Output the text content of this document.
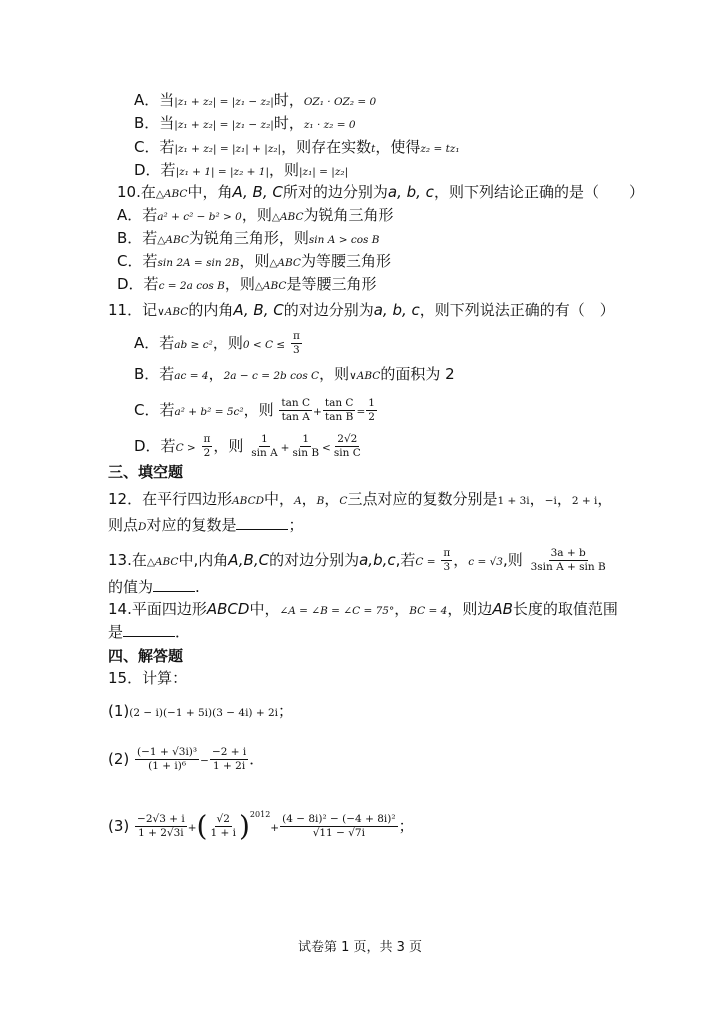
A．当|z₁ + z₂| = |z₁ − z₂|时，OZ₁ · OZ₂ = 0
B．当|z₁ + z₂| = |z₁ − z₂|时，z₁ · z₂ = 0
C．若|z₁ + z₂| = |z₁| + |z₂|，则存在实数t，使得z₂ = tz₁
D．若|z₁ + 1| = |z₂ + 1|，则|z₁| = |z₂|
10.在△ABC中，角A, B, C所对的边分别为a, b, c，则下列结论正确的是（　　）
A．若a² + c² − b² > 0，则△ABC为锐角三角形
B．若△ABC为锐角三角形，则sin A > cos B
C．若sin 2A = sin 2B，则△ABC为等腰三角形
D．若c = 2a cos B，则△ABC是等腰三角形
11．记∨ABC的内角A, B, C的对边分别为a, b, c，则下列说法正确的有（　）
A．若ab ≥ c²，则$0 < C \le \frac{\pi}{3}$
B．若ac = 4，2a − c = 2b cos C，则∨ABC的面积为 2
C．若a² + b² = 5c²，则 $\frac{\text{tan C}}{\text{tan A}} + \frac{\text{tan C}}{\text{tan B}} = \frac{1}{2}$
D．若$C > \frac{\pi}{2}$ ，则 $\frac{1}{\text{sin A}} + \frac{1}{\text{sin B}} < \frac{2√2}{\text{sin C}}$
三、填空题
12．在平行四边形ABCD中，A，B，C三点对应的复数分别是1 + 3i，−i，2 + i，
则点D对应的复数是	；
13.在△ABC中,内角A,B,C的对边分别为a,b,c,若$C = \frac{\pi}{3}$ ，c = √3,则 $\frac{3a + b}{\text{3sin A + sin B}}$
的值为	.
14.平面四边形ABCD中，∠A = ∠B = ∠C = 75°，BC = 4，则边AB长度的取值范围
是	．
四、解答题
15．计算：
(1)(2 − i)(−1 + 5i)(3 − 4i) + 2i；
$(2) \frac{\text{(−1 + √3i)³}}{\text{(1 + i)⁶}} - \frac{-2 + i}{1 + 2i}$ ．
$(3) \frac{-2√3 + i}{1 + 2√3i}$ +( $\frac{√2}{1 + i} )^{2012}+ \frac{\text{(4 − 8i)² − (−4 + 8i)²}}{√11 - √7i}$ ；
试卷第 1 页，共 3 页
